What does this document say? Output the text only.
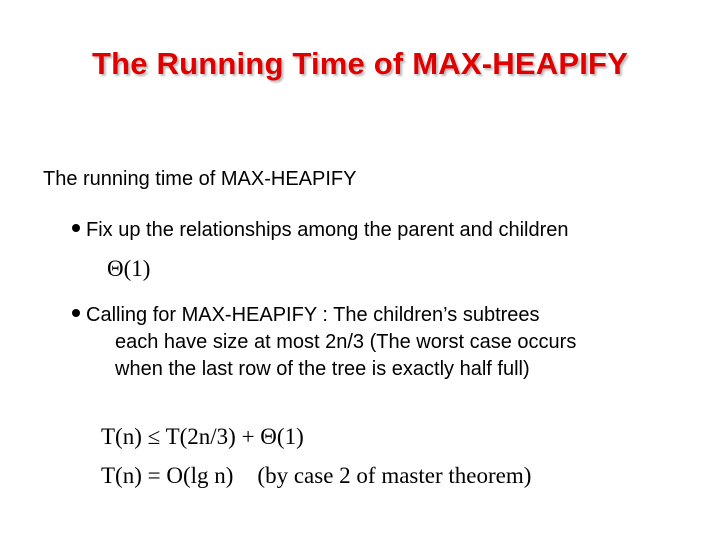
The Running Time of MAX-HEAPIFY
The running time of MAX-HEAPIFY
Fix up the relationships among the parent and children
Θ(1)
Calling for MAX-HEAPIFY : The children’s subtrees
each have size at most 2n/3 (The worst case occurs
when the last row of the tree is exactly half full)
T(n) ≤ T(2n/3) + Θ(1)
T(n) = O(lg n) (by case 2 of master theorem)
